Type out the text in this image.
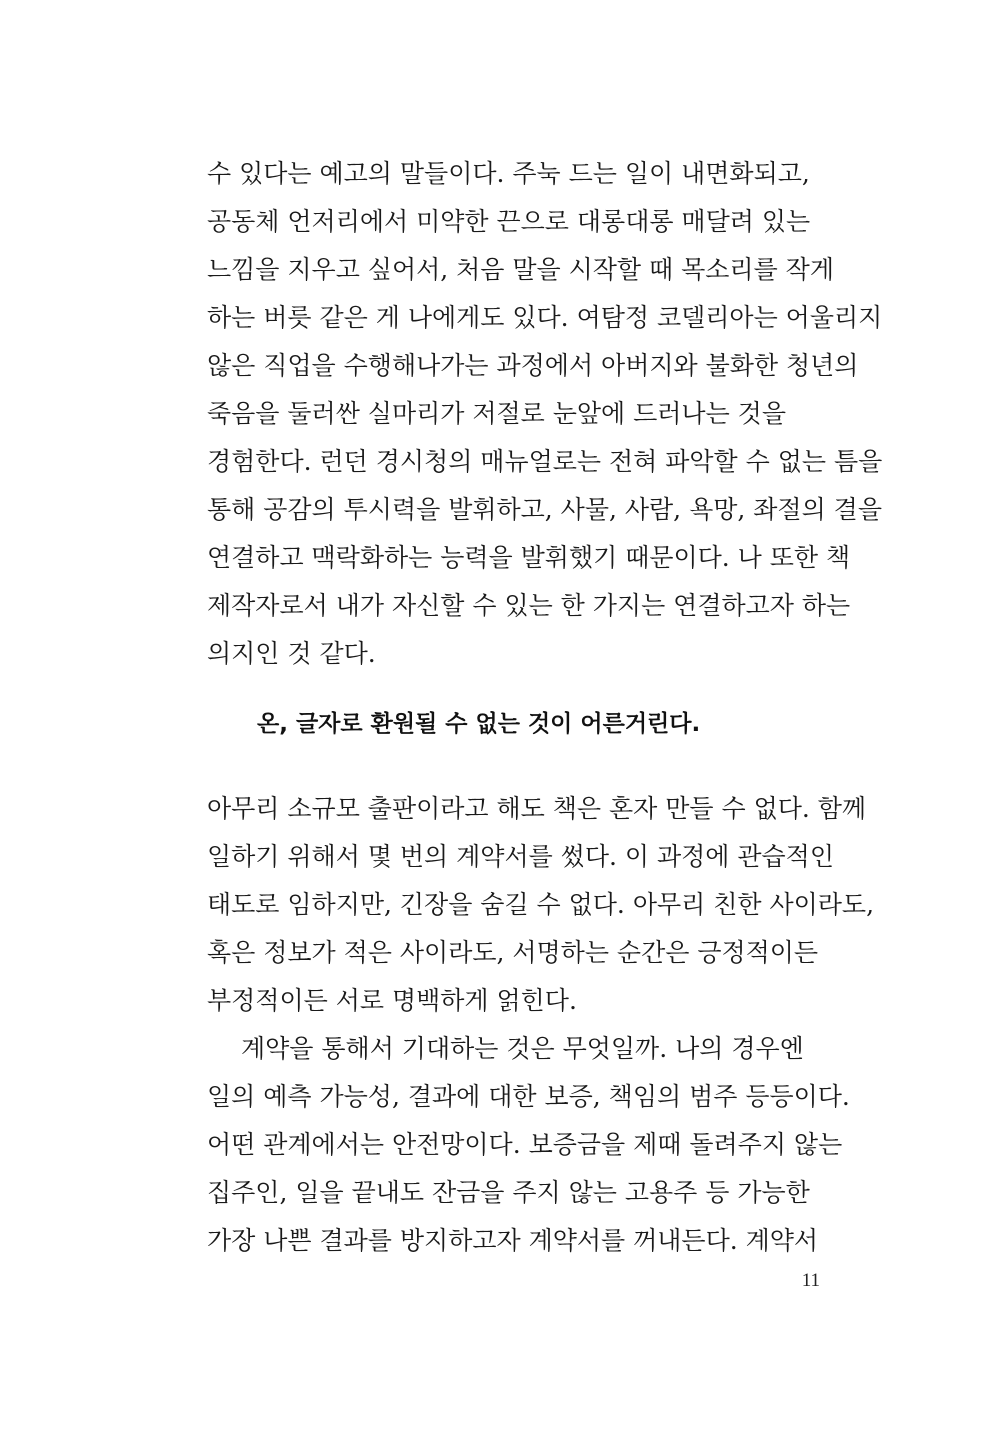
수 있다는 예고의 말들이다. 주눅 드는 일이 내면화되고,
공동체 언저리에서 미약한 끈으로 대롱대롱 매달려 있는
느낌을 지우고 싶어서, 처음 말을 시작할 때 목소리를 작게
하는 버릇 같은 게 나에게도 있다. 여탐정 코델리아는 어울리지
않은 직업을 수행해나가는 과정에서 아버지와 불화한 청년의
죽음을 둘러싼 실마리가 저절로 눈앞에 드러나는 것을
경험한다. 런던 경시청의 매뉴얼로는 전혀 파악할 수 없는 틈을
통해 공감의 투시력을 발휘하고, 사물, 사람, 욕망, 좌절의 결을
연결하고 맥락화하는 능력을 발휘했기 때문이다. 나 또한 책
제작자로서 내가 자신할 수 있는 한 가지는 연결하고자 하는
의지인 것 같다.
온, 글자로 환원될 수 없는 것이 어른거린다.
아무리 소규모 출판이라고 해도 책은 혼자 만들 수 없다. 함께
일하기 위해서 몇 번의 계약서를 썼다. 이 과정에 관습적인
태도로 임하지만, 긴장을 숨길 수 없다. 아무리 친한 사이라도,
혹은 정보가 적은 사이라도, 서명하는 순간은 긍정적이든
부정적이든 서로 명백하게 얽힌다.
계약을 통해서 기대하는 것은 무엇일까. 나의 경우엔
일의 예측 가능성, 결과에 대한 보증, 책임의 범주 등등이다.
어떤 관계에서는 안전망이다. 보증금을 제때 돌려주지 않는
집주인, 일을 끝내도 잔금을 주지 않는 고용주 등 가능한
가장 나쁜 결과를 방지하고자 계약서를 꺼내든다. 계약서
11
